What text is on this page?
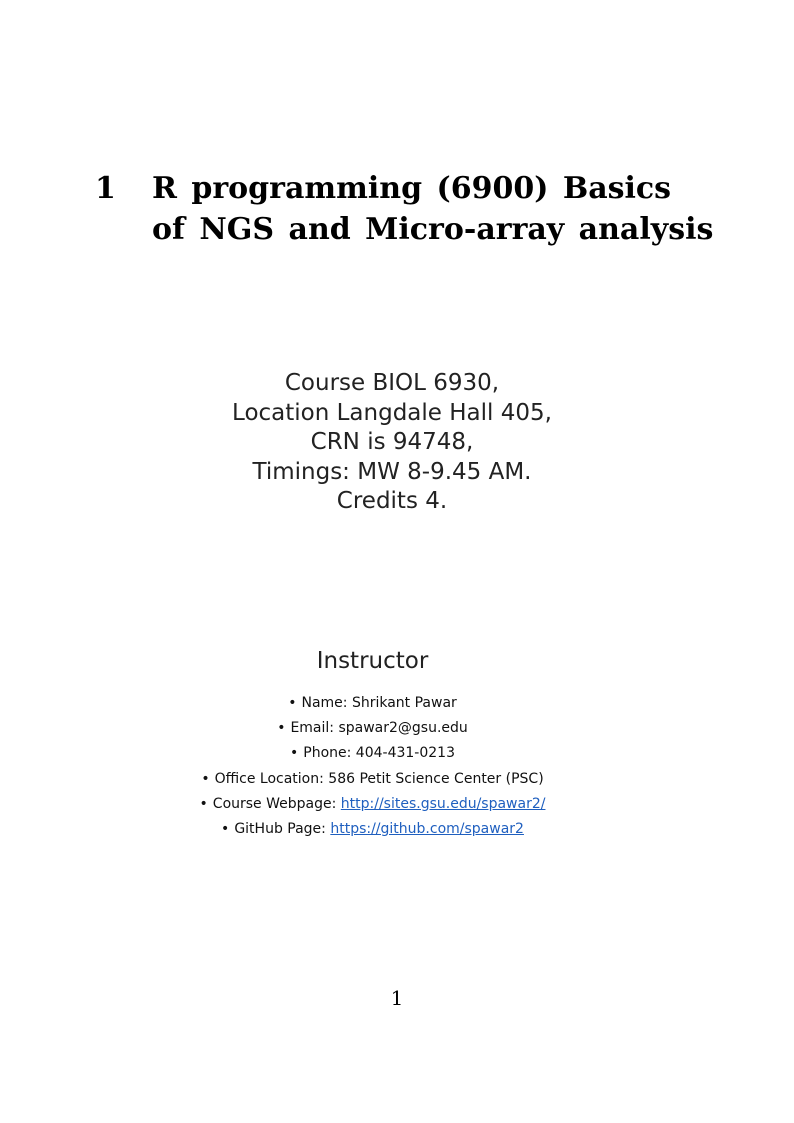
1 R programming (6900) Basics of NGS and Micro-array analysis
Course BIOL 6930,
Location Langdale Hall 405,
CRN is 94748,
Timings: MW 8-9.45 AM.
Credits 4.
Instructor
• Name: Shrikant Pawar
• Email: spawar2@gsu.edu
• Phone: 404-431-0213
• Office Location: 586 Petit Science Center (PSC)
• Course Webpage: http://sites.gsu.edu/spawar2/
• GitHub Page: https://github.com/spawar2
1
